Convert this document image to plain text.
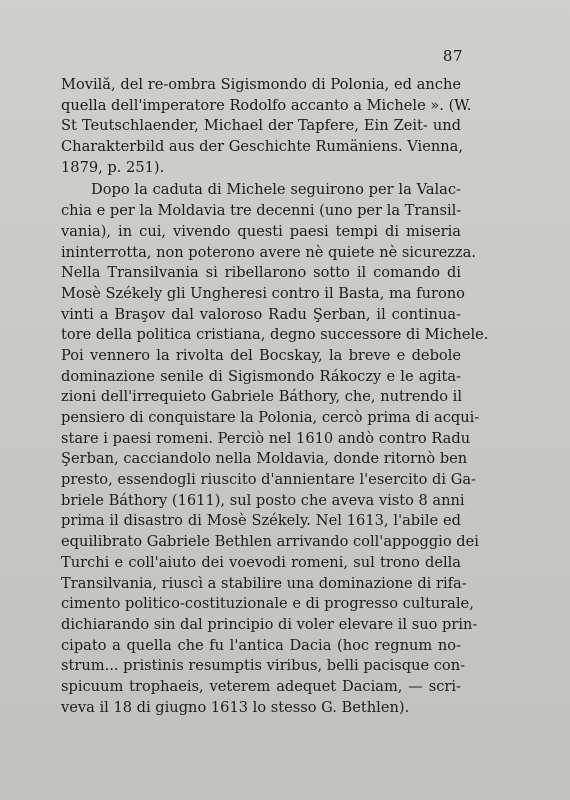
87
Movilă, del re-ombra Sigismondo di Polonia, ed anche
quella dell'imperatore Rodolfo accanto a Michele ». (W.
St Teutschlaender, Michael der Tapfere, Ein Zeit- und
Charakterbild aus der Geschichte Rumäniens. Vienna,
1879, p. 251).
Dopo la caduta di Michele seguirono per la Valac-
chia e per la Moldavia tre decenni (uno per la Transil-
vania), in cui, vivendo questi paesi tempi di miseria
ininterrotta, non poterono avere nè quiete nè sicurezza.
Nella Transilvania si ribellarono sotto il comando di
Mosè Székely gli Ungheresi contro il Basta, ma furono
vinti a Braşov dal valoroso Radu Şerban, il continua-
tore della politica cristiana, degno successore di Michele.
Poi vennero la rivolta del Bocskay, la breve e debole
dominazione senile di Sigismondo Rákoczy e le agita-
zioni dell'irrequieto Gabriele Báthory, che, nutrendo il
pensiero di conquistare la Polonia, cercò prima di acqui-
stare i paesi romeni. Perciò nel 1610 andò contro Radu
Şerban, cacciandolo nella Moldavia, donde ritornò ben
presto, essendogli riuscito d'annientare l'esercito di Ga-
briele Báthory (1611), sul posto che aveva visto 8 anni
prima il disastro di Mosè Székely. Nel 1613, l'abile ed
equilibrato Gabriele Bethlen arrivando coll'appoggio dei
Turchi e coll'aiuto dei voevodi romeni, sul trono della
Transilvania, riuscì a stabilire una dominazione di rifa-
cimento politico-costituzionale e di progresso culturale,
dichiarando sin dal principio di voler elevare il suo prin-
cipato a quella che fu l'antica Dacia (hoc regnum no-
strum... pristinis resumptis viribus, belli pacisque con-
spicuum trophaeis, veterem adequet Daciam, — scri-
veva il 18 di giugno 1613 lo stesso G. Bethlen).
